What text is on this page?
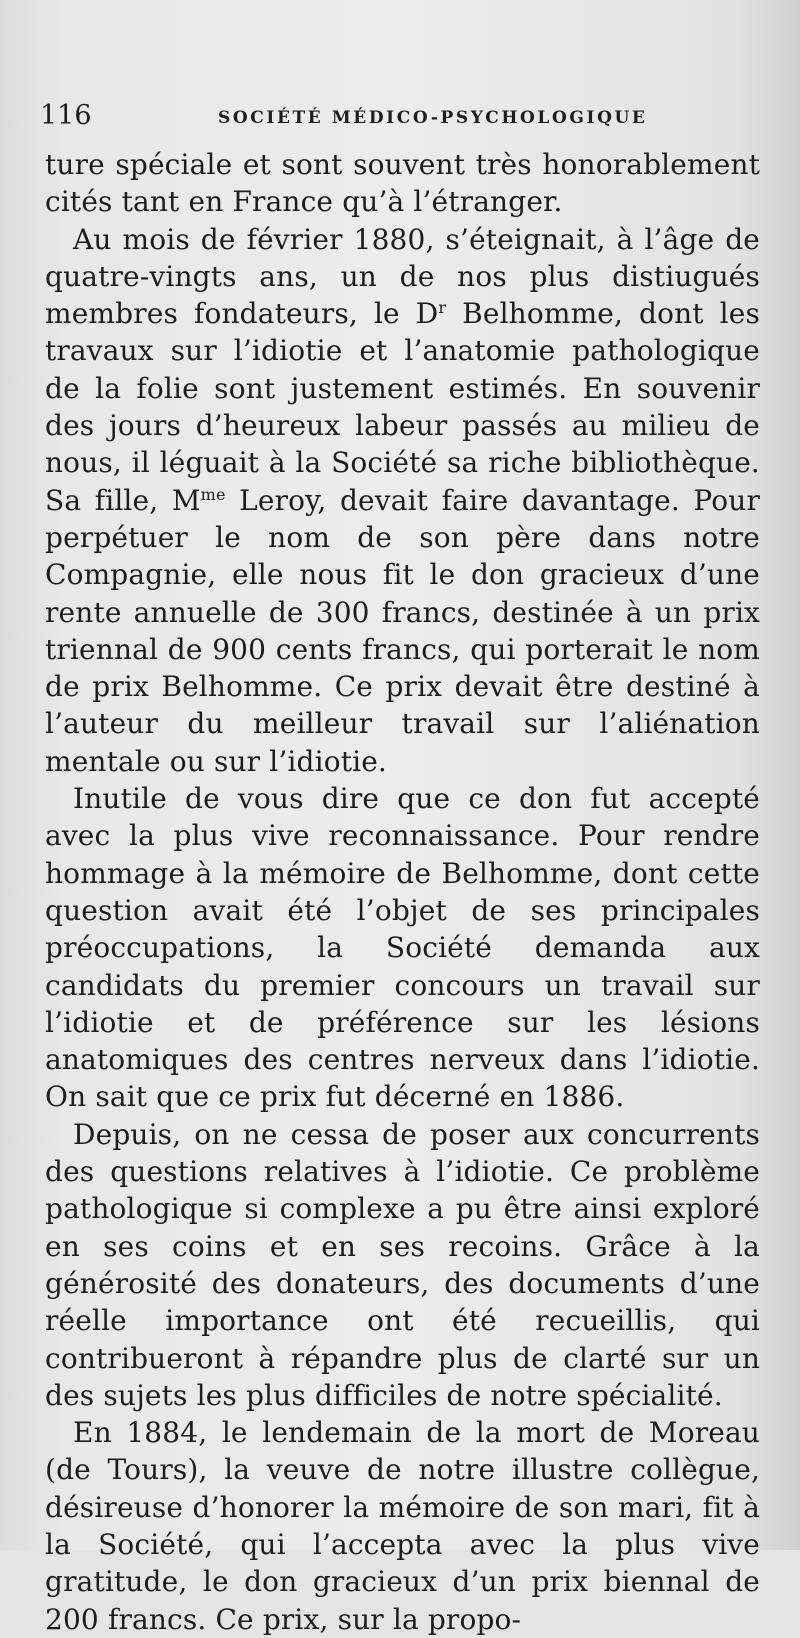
116	SOCIÉTÉ MÉDICO-PSYCHOLOGIQUE

ture spéciale et sont souvent très honorablement cités tant en France qu’à l’étranger.

Au mois de février 1880, s’éteignait, à l’âge de quatre-vingts ans, un de nos plus distiugués membres fondateurs, le $D^r$ Belhomme, dont les travaux sur l’idiotie et l’anatomie pathologique de la folie sont justement estimés. En souvenir des jours d’heureux labeur passés au milieu de nous, il léguait à la Société sa riche bibliothèque. Sa fille, $M^{me}$ Leroy, devait faire davantage. Pour perpétuer le nom de son père dans notre Compagnie, elle nous fit le don gracieux d’une rente annuelle de 300 francs, destinée à un prix triennal de 900 cents francs, qui porterait le nom de prix Belhomme. Ce prix devait être destiné à l’auteur du meilleur travail sur l’aliénation mentale ou sur l’idiotie.

Inutile de vous dire que ce don fut accepté avec la plus vive reconnaissance. Pour rendre hommage à la mémoire de Belhomme, dont cette question avait été l’objet de ses principales préoccupations, la Société demanda aux candidats du premier concours un travail sur l’idiotie et de préférence sur les lésions anatomiques des centres nerveux dans l’idiotie. On sait que ce prix fut décerné en 1886.

Depuis, on ne cessa de poser aux concurrents des questions relatives à l’idiotie. Ce problème pathologique si complexe a pu être ainsi exploré en ses coins et en ses recoins. Grâce à la générosité des donateurs, des documents d’une réelle importance ont été recueillis, qui contribueront à répandre plus de clarté sur un des sujets les plus difficiles de notre spécialité.

En 1884, le lendemain de la mort de Moreau (de Tours), la veuve de notre illustre collègue, désireuse d’honorer la mémoire de son mari, fit à la Société, qui l’accepta avec la plus vive gratitude, le don gracieux d’un prix biennal de 200 francs. Ce prix, sur la propo-
